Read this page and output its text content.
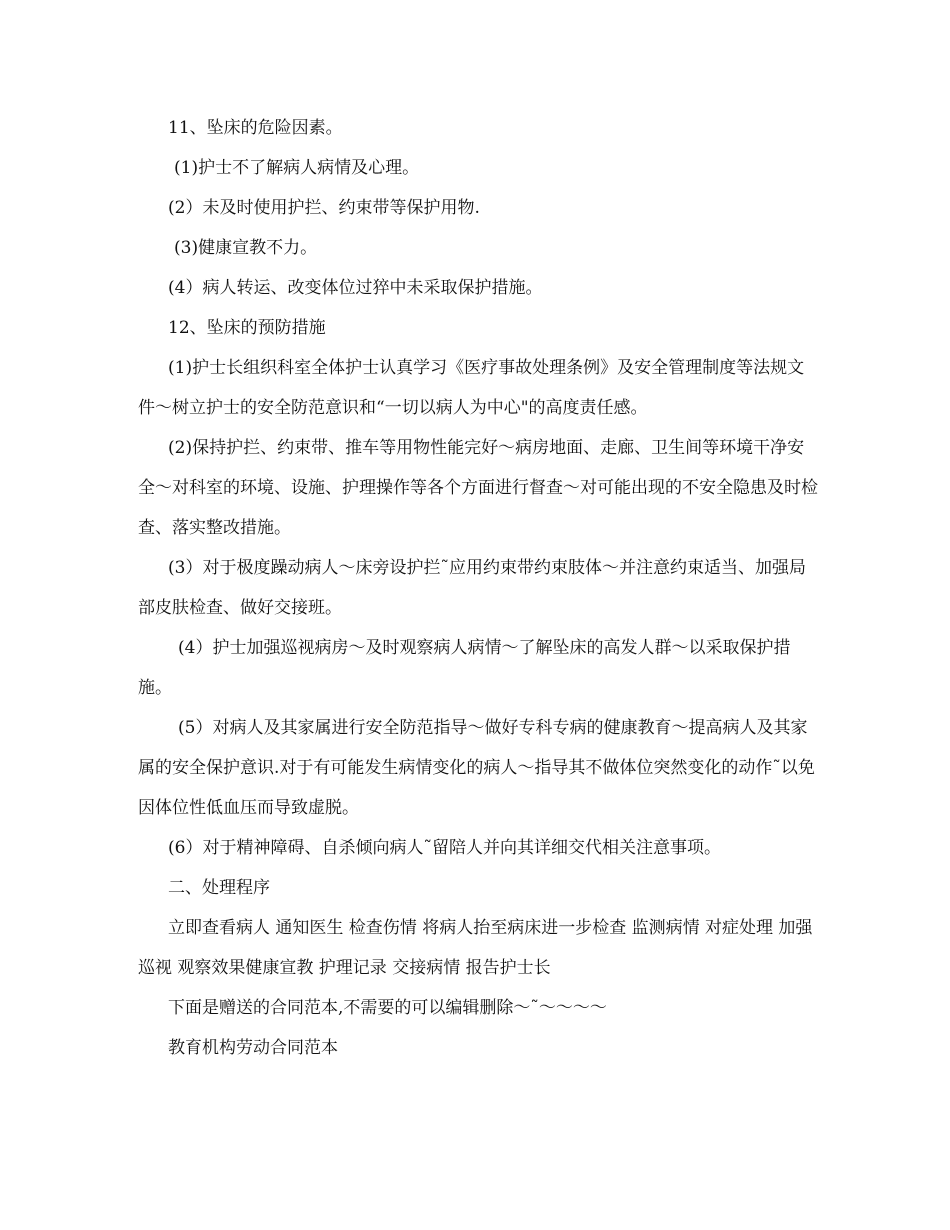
11、坠床的危险因素。

(1)护士不了解病人病情及心理。

(2）未及时使用护拦、约束带等保护用物.

(3)健康宣教不力。

(4）病人转运、改变体位过猝中未采取保护措施。

12、坠床的预防措施

(1)护士长组织科室全体护士认真学习《医疗事故处理条例》及安全管理制度等法规文件～树立护士的安全防范意识和“一切以病人为中心"的高度责任感。

(2)保持护拦、约束带、推车等用物性能完好～病房地面、走廊、卫生间等环境干净安全～对科室的环境、设施、护理操作等各个方面进行督查～对可能出现的不安全隐患及时检查、落实整改措施。

(3）对于极度躁动病人～床旁设护拦˜应用约束带约束肢体～并注意约束适当、加强局部皮肤检查、做好交接班。

(4）护士加强巡视病房～及时观察病人病情～了解坠床的高发人群～以采取保护措施。

(5）对病人及其家属进行安全防范指导～做好专科专病的健康教育～提高病人及其家属的安全保护意识.对于有可能发生病情变化的病人～指导其不做体位突然变化的动作˜以免因体位性低血压而导致虚脱。

(6）对于精神障碍、自杀倾向病人˜留陪人并向其详细交代相关注意事项。

二、处理程序

立即查看病人 通知医生 检查伤情 将病人抬至病床进一步检查 监测病情 对症处理 加强巡视 观察效果健康宣教 护理记录 交接病情 报告护士长

下面是赠送的合同范本,不需要的可以编辑删除～˜～～～～

教育机构劳动合同范本
